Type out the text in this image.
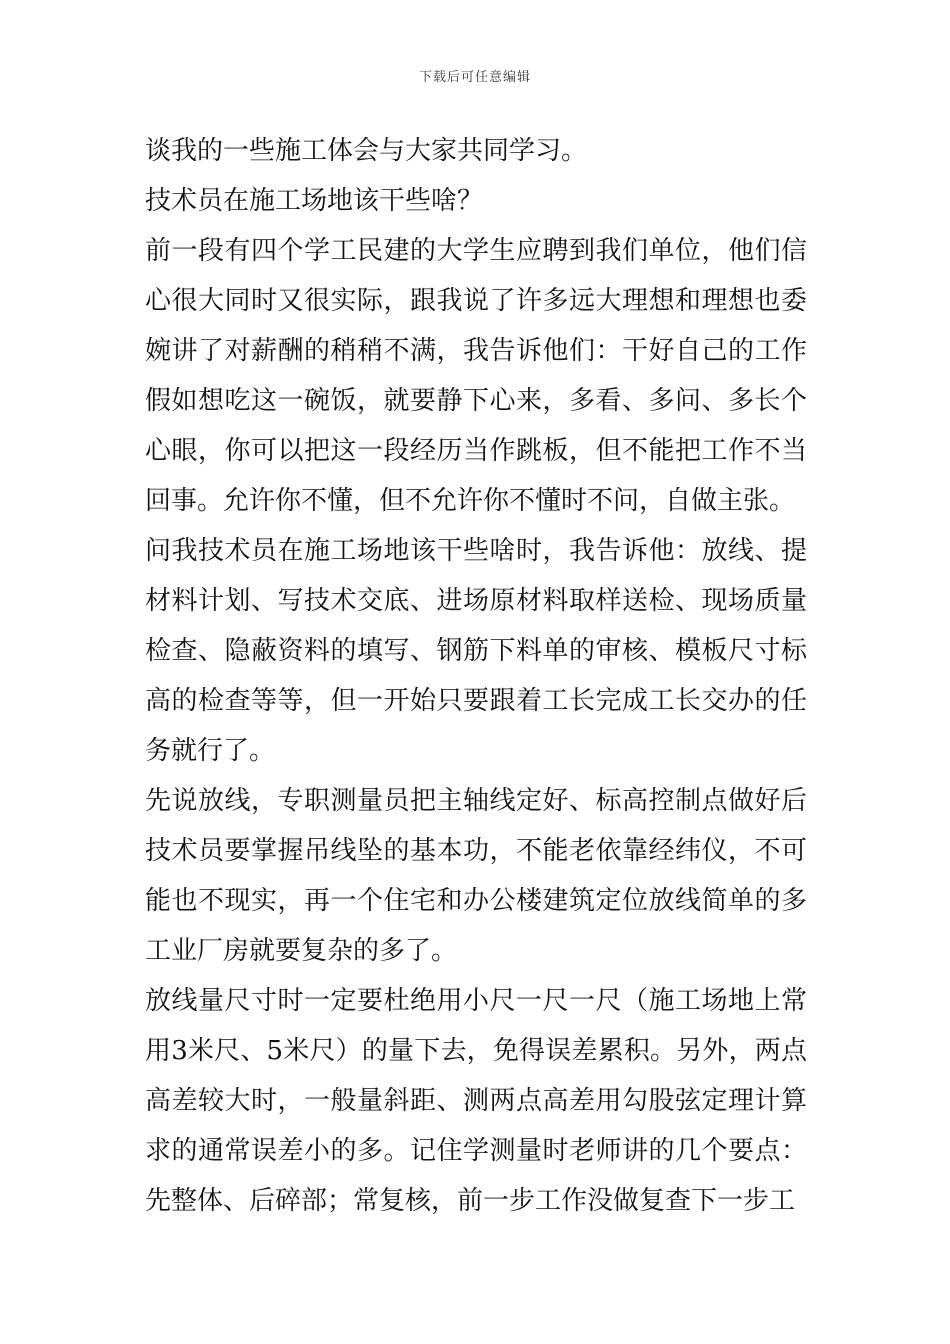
下载后可任意编辑

谈我的一些施工体会与大家共同学习。

技术员在施工场地该干些啥？

前一段有四个学工民建的大学生应聘到我们单位，他们信心很大同时又很实际，跟我说了许多远大理想和理想也委婉讲了对薪酬的稍稍不满，我告诉他们：干好自己的工作假如想吃这一碗饭，就要静下心来，多看、多问、多长个心眼，你可以把这一段经历当作跳板，但不能把工作不当回事。允许你不懂，但不允许你不懂时不问，自做主张。

问我技术员在施工场地该干些啥时，我告诉他：放线、提材料计划、写技术交底、进场原材料取样送检、现场质量检查、隐蔽资料的填写、钢筋下料单的审核、模板尺寸标高的检查等等，但一开始只要跟着工长完成工长交办的任务就行了。

先说放线，专职测量员把主轴线定好、标高控制点做好后技术员要掌握吊线坠的基本功，不能老依靠经纬仪，不可能也不现实，再一个住宅和办公楼建筑定位放线简单的多工业厂房就要复杂的多了。

放线量尺寸时一定要杜绝用小尺一尺一尺（施工场地上常用3米尺、5米尺）的量下去，免得误差累积。另外，两点高差较大时，一般量斜距、测两点高差用勾股弦定理计算求的通常误差小的多。记住学测量时老师讲的几个要点：先整体、后碎部；常复核，前一步工作没做复查下一步工
